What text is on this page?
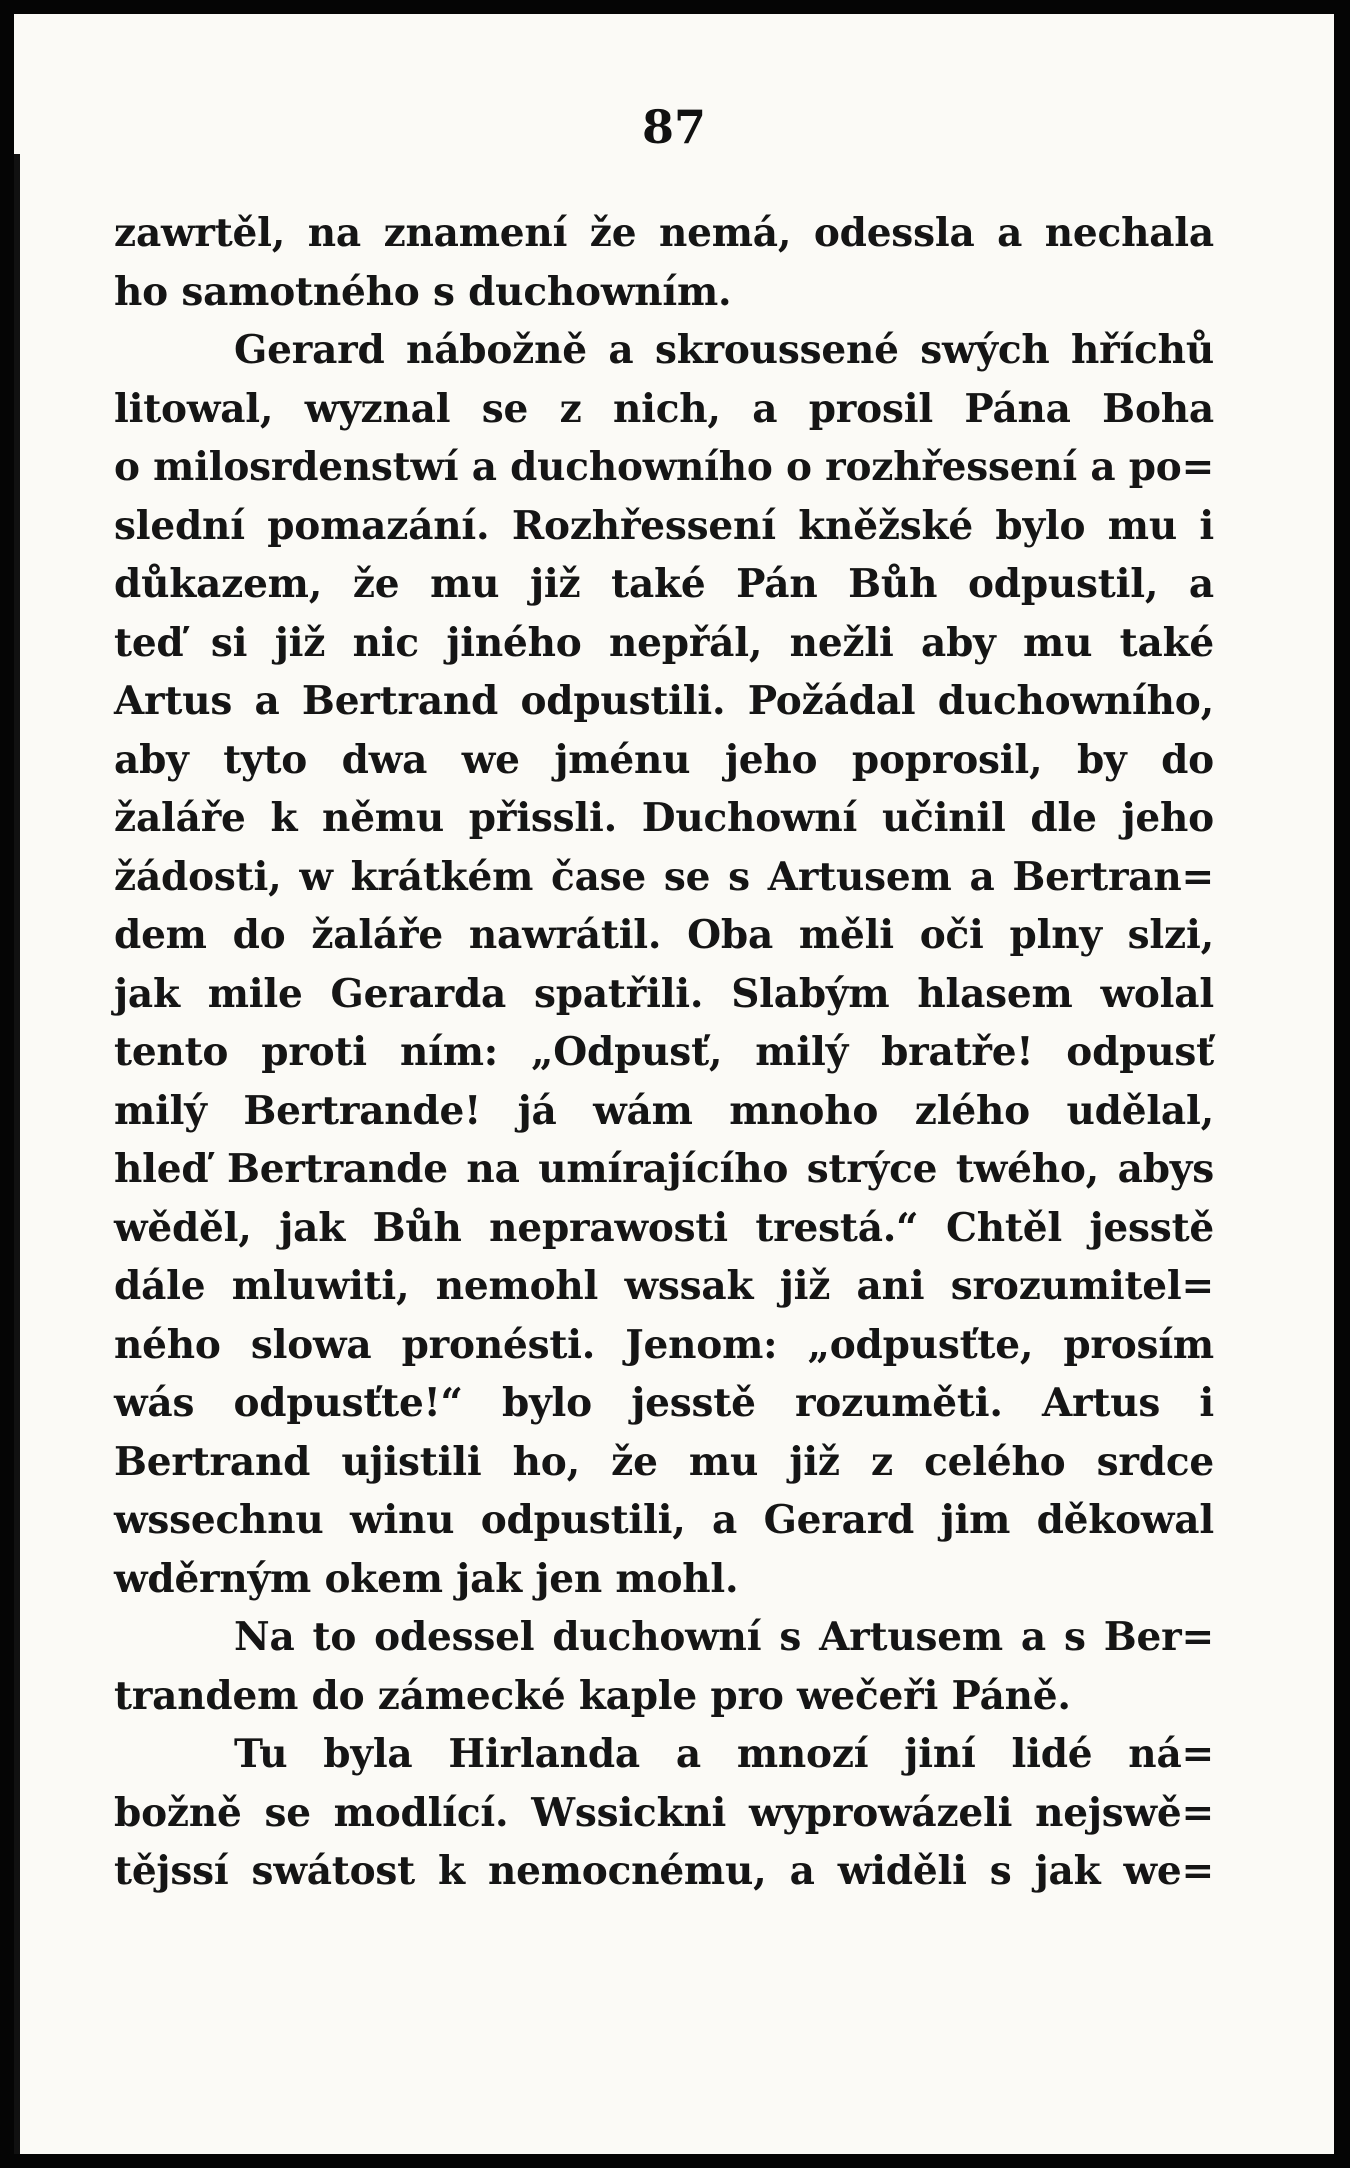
87
zawrtěl, na znamení že nemá, odessla a nechala
ho samotného s duchowním.
Gerard nábožně a skroussené swých hříchů
litowal, wyznal se z nich, a prosil Pána Boha
o milosrdenstwí a duchowního o rozhřessení a po=
slední pomazání. Rozhřessení kněžské bylo mu i
důkazem, že mu již také Pán Bůh odpustil, a
teď si již nic jiného nepřál, nežli aby mu také
Artus a Bertrand odpustili. Požádal duchowního,
aby tyto dwa we jménu jeho poprosil, by do
žaláře k němu přissli. Duchowní učinil dle jeho
žádosti, w krátkém čase se s Artusem a Bertran=
dem do žaláře nawrátil. Oba měli oči plny slzi,
jak mile Gerarda spatřili. Slabým hlasem wolal
tento proti ním: „Odpusť, milý bratře! odpusť
milý Bertrande! já wám mnoho zlého udělal,
hleď Bertrande na umírajícího strýce twého, abys
wěděl, jak Bůh neprawosti trestá.“ Chtěl jesstě
dále mluwiti, nemohl wssak již ani srozumitel=
ného slowa pronésti. Jenom: „odpusťte, prosím
wás odpusťte!“ bylo jesstě rozuměti. Artus i
Bertrand ujistili ho, že mu již z celého srdce
wssechnu winu odpustili, a Gerard jim děkowal
wděrným okem jak jen mohl.
Na to odessel duchowní s Artusem a s Ber=
trandem do zámecké kaple pro wečeři Páně.
Tu byla Hirlanda a mnozí jiní lidé ná=
božně se modlící. Wssickni wyprowázeli nejswě=
tějssí swátost k nemocnému, a widěli s jak we=
